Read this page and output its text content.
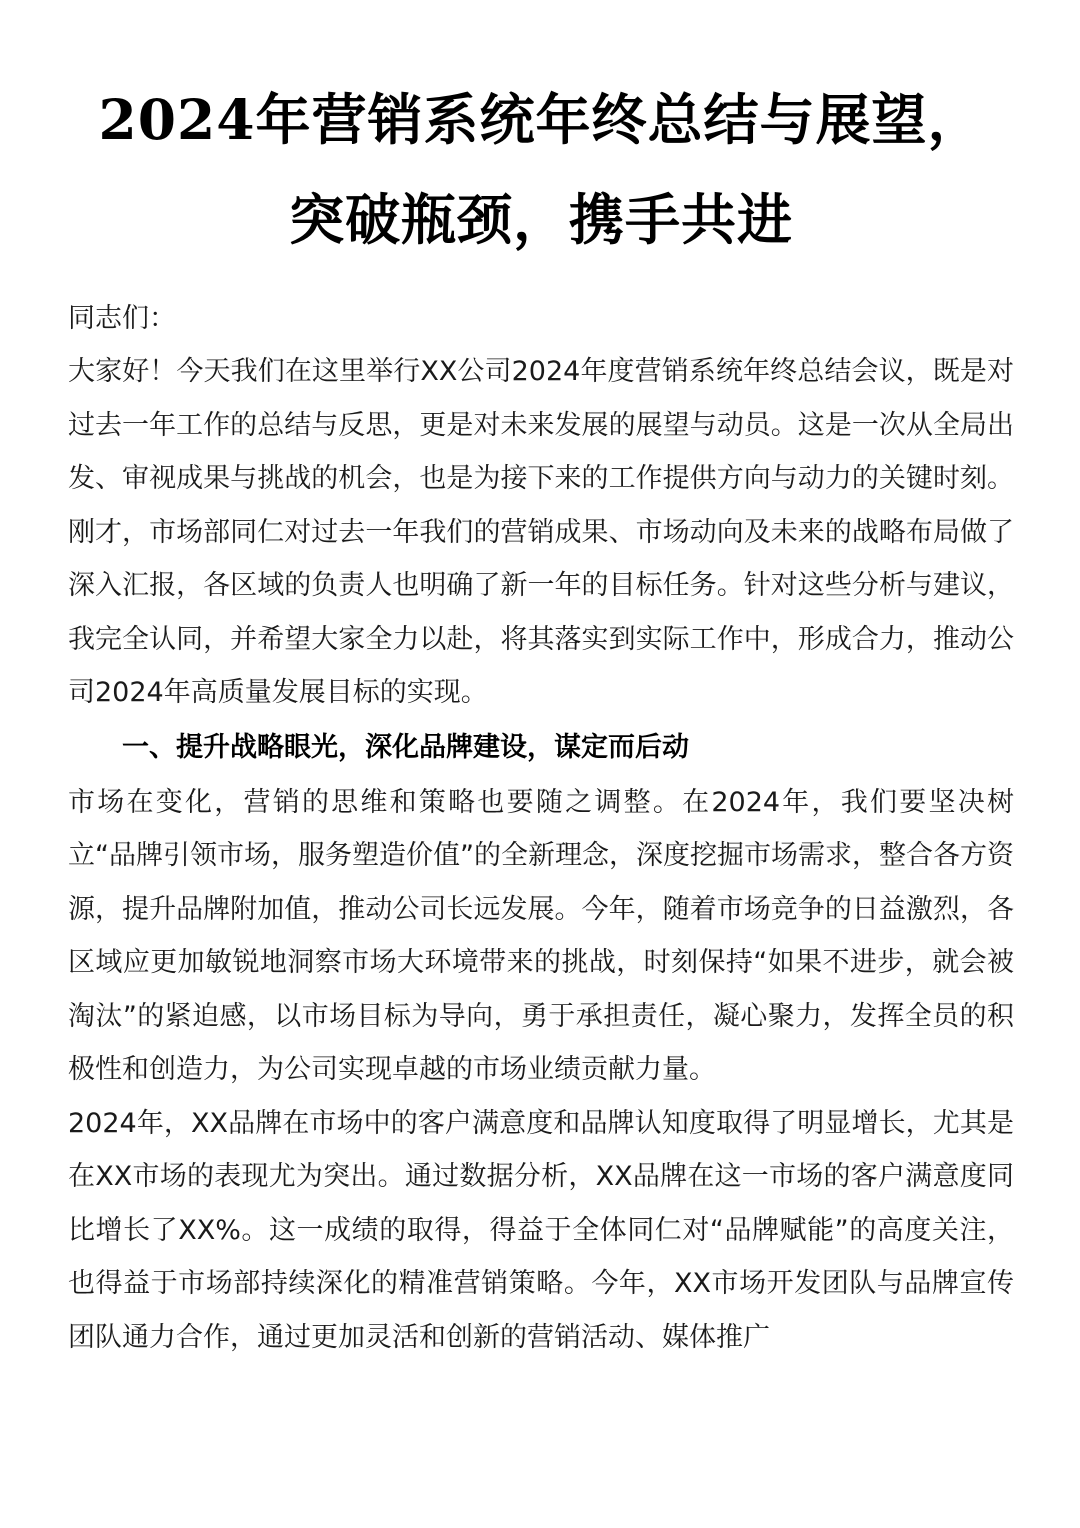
2024年营销系统年终总结与展望，
突破瓶颈，携手共进
同志们：

大家好！今天我们在这里举行XX公司2024年度营销系统年终总结会议，既是对过去一年工作的总结与反思，更是对未来发展的展望与动员。这是一次从全局出发、审视成果与挑战的机会，也是为接下来的工作提供方向与动力的关键时刻。刚才，市场部同仁对过去一年我们的营销成果、市场动向及未来的战略布局做了深入汇报，各区域的负责人也明确了新一年的目标任务。针对这些分析与建议，我完全认同，并希望大家全力以赴，将其落实到实际工作中，形成合力，推动公司2024年高质量发展目标的实现。

一、提升战略眼光，深化品牌建设，谋定而后动

市场在变化，营销的思维和策略也要随之调整。在2024年，我们要坚决树立“品牌引领市场，服务塑造价值”的全新理念，深度挖掘市场需求，整合各方资源，提升品牌附加值，推动公司长远发展。今年，随着市场竞争的日益激烈，各区域应更加敏锐地洞察市场大环境带来的挑战，时刻保持“如果不进步，就会被淘汰”的紧迫感，以市场目标为导向，勇于承担责任，凝心聚力，发挥全员的积极性和创造力，为公司实现卓越的市场业绩贡献力量。

2024年，XX品牌在市场中的客户满意度和品牌认知度取得了明显增长，尤其是在XX市场的表现尤为突出。通过数据分析，XX品牌在这一市场的客户满意度同比增长了XX%。这一成绩的取得，得益于全体同仁对“品牌赋能”的高度关注，也得益于市场部持续深化的精准营销策略。今年，XX市场开发团队与品牌宣传团队通力合作，通过更加灵活和创新的营销活动、媒体推广
